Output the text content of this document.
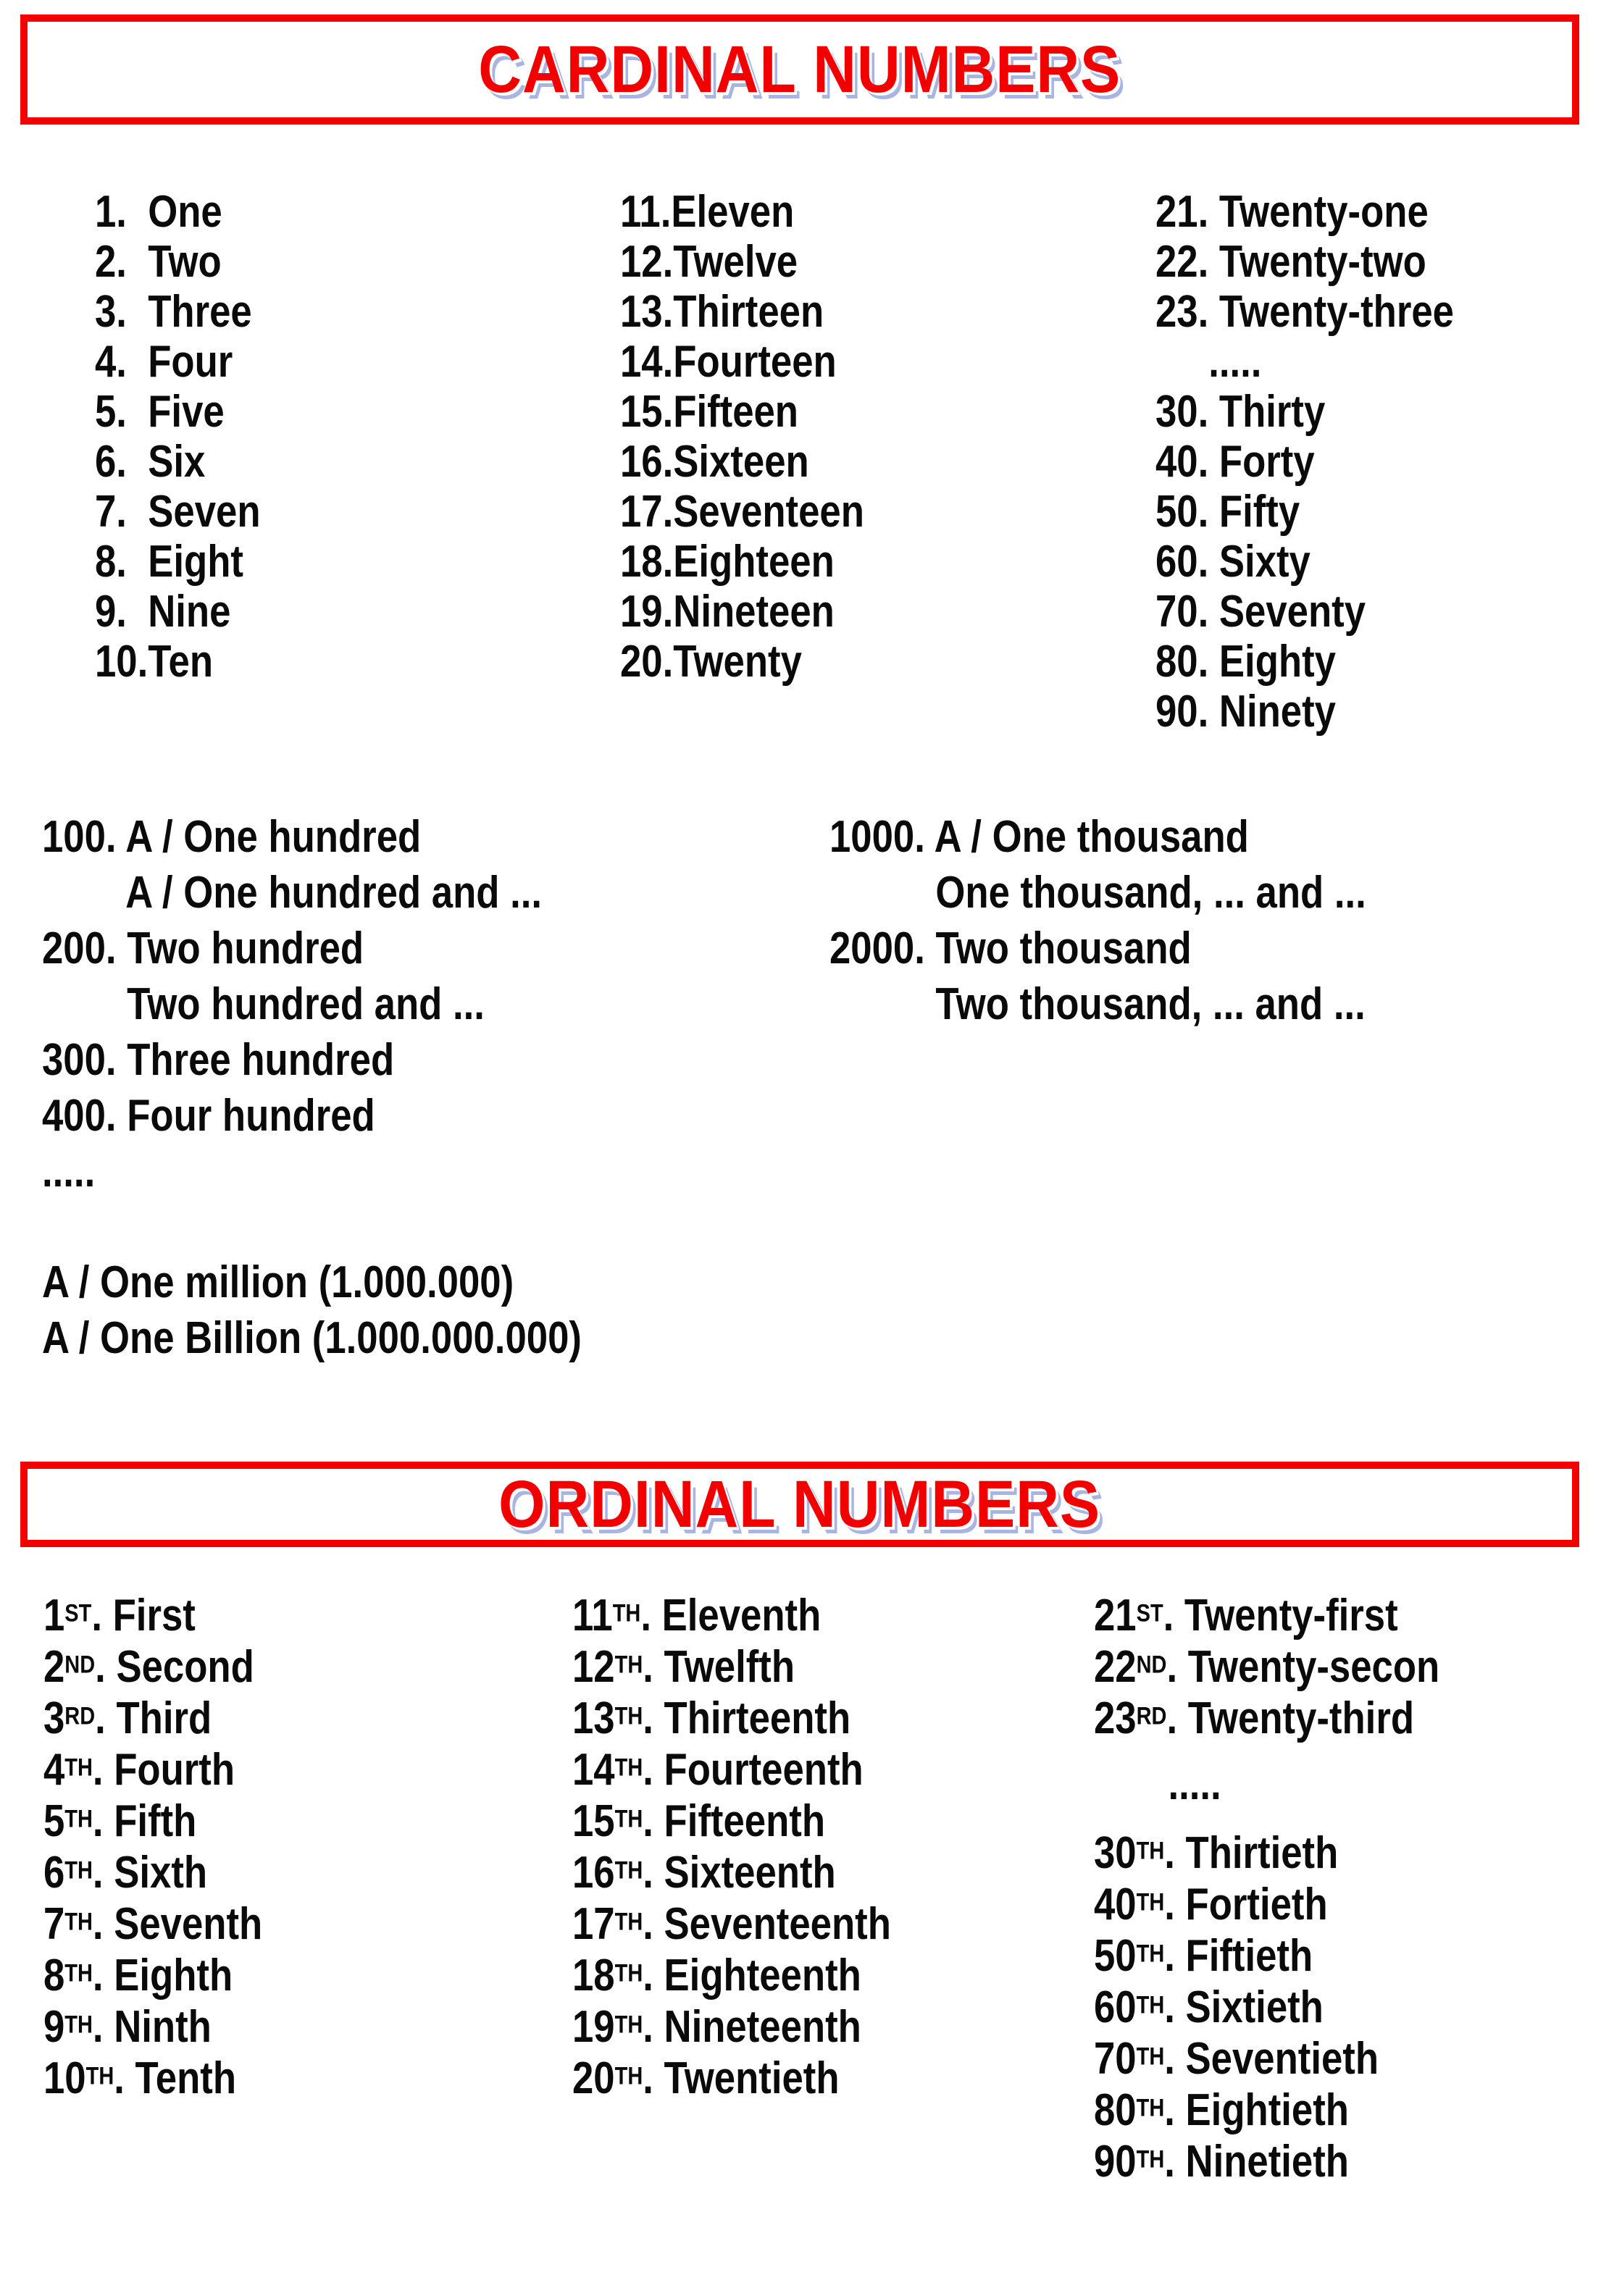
CARDINAL NUMBERS
1.  One
2.  Two
3.  Three
4.  Four
5.  Five
6.  Six
7.  Seven
8.  Eight
9.  Nine
10.Ten
11.Eleven
12.Twelve
13.Thirteen
14.Fourteen
15.Fifteen
16.Sixteen
17.Seventeen
18.Eighteen
19.Nineteen
20.Twenty
21. Twenty-one
22. Twenty-two
23. Twenty-three
.....
30. Thirty
40. Forty
50. Fifty
60. Sixty
70. Seventy
80. Eighty
90. Ninety
100. A / One hundred
A / One hundred and ...
200. Two hundred
Two hundred and ...
300. Three hundred
400. Four hundred
.....
1000. A / One thousand
One thousand, ... and ...
2000. Two thousand
Two thousand, ... and ...
A / One million (1.000.000)
A / One Billion (1.000.000.000)
ORDINAL NUMBERS
1ST. First
2ND. Second
3RD. Third
4TH. Fourth
5TH. Fifth
6TH. Sixth
7TH. Seventh
8TH. Eighth
9TH. Ninth
10TH. Tenth
11TH. Eleventh
12TH. Twelfth
13TH. Thirteenth
14TH. Fourteenth
15TH. Fifteenth
16TH. Sixteenth
17TH. Seventeenth
18TH. Eighteenth
19TH. Nineteenth
20TH. Twentieth
21ST. Twenty-first
22ND. Twenty-secon
23RD. Twenty-third
.....
30TH. Thirtieth
40TH. Fortieth
50TH. Fiftieth
60TH. Sixtieth
70TH. Seventieth
80TH. Eightieth
90TH. Ninetieth
